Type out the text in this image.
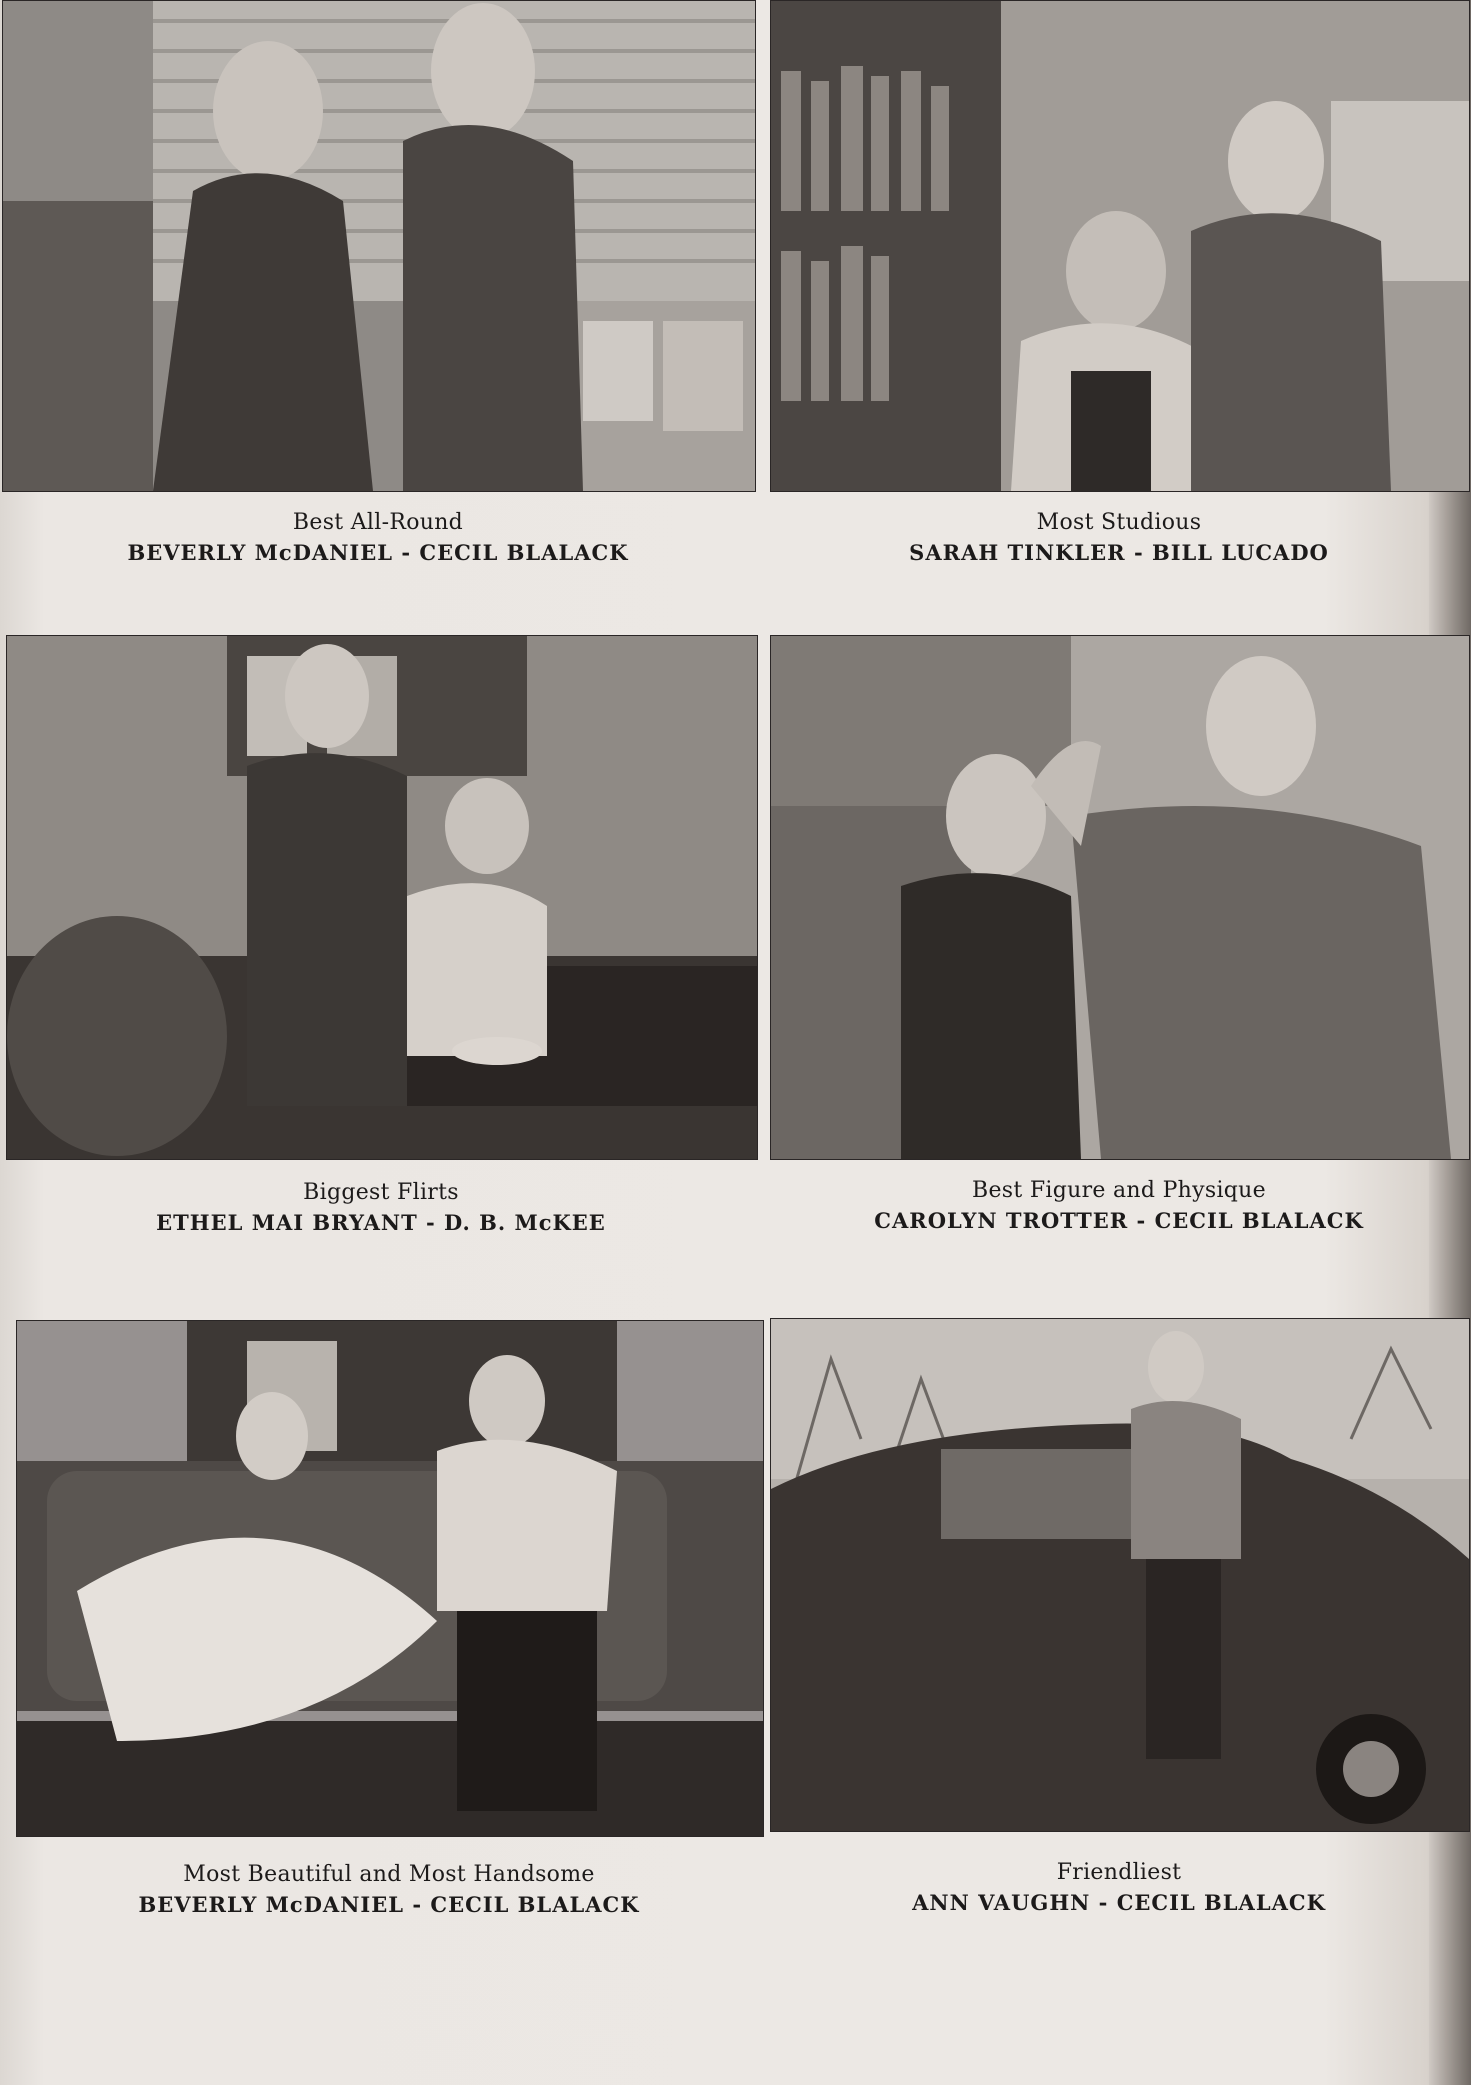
Best All-Round
BEVERLY McDANIEL - CECIL BLALACK
Most Studious
SARAH TINKLER - BILL LUCADO
Biggest Flirts
ETHEL MAI BRYANT - D. B. McKEE
Best Figure and Physique
CAROLYN TROTTER - CECIL BLALACK
Most Beautiful and Most Handsome
BEVERLY McDANIEL - CECIL BLALACK
Friendliest
ANN VAUGHN - CECIL BLALACK
